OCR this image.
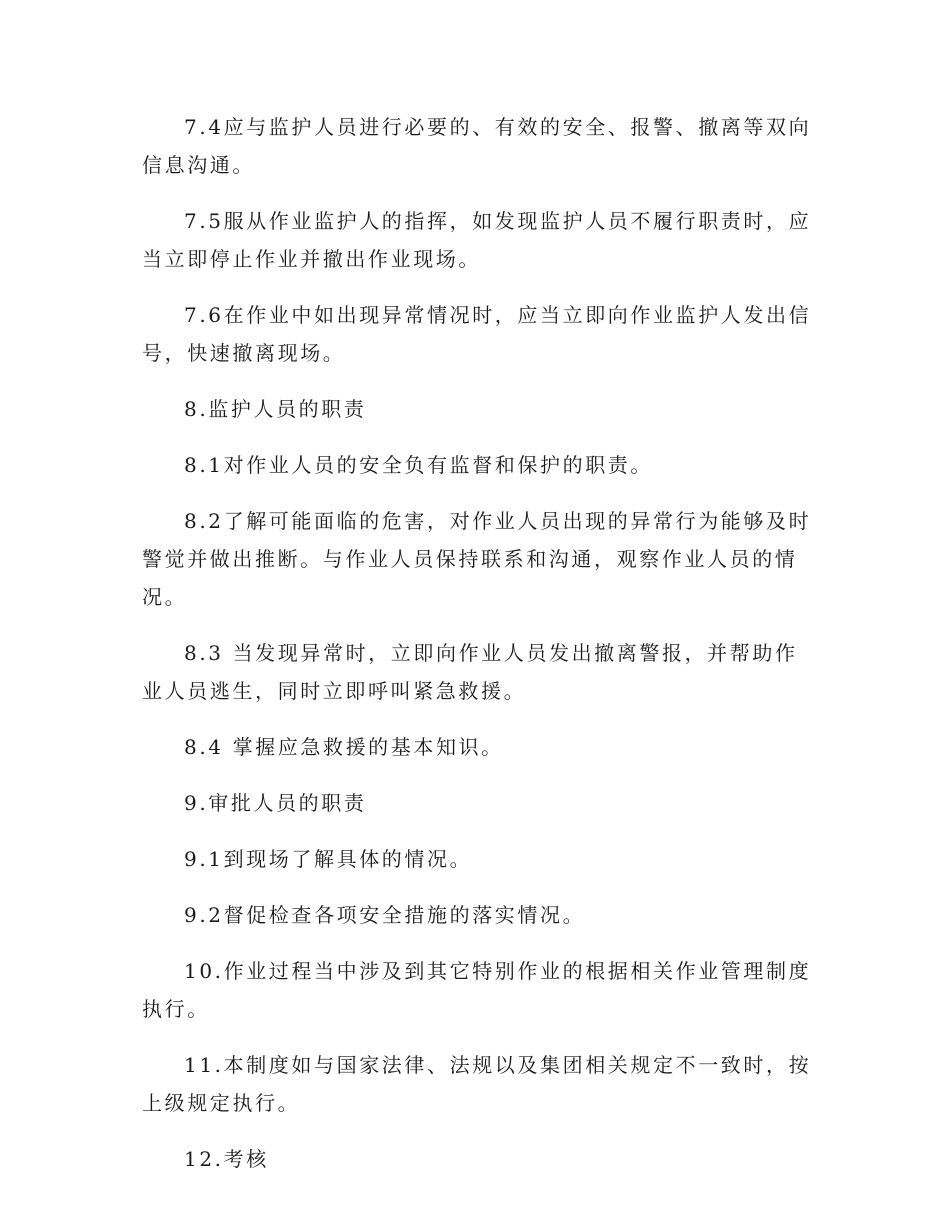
7.4应与监护人员进行必要的、有效的安全、报警、撤离等双向信息沟通。

7.5服从作业监护人的指挥，如发现监护人员不履行职责时，应当立即停止作业并撤出作业现场。

7.6在作业中如出现异常情况时，应当立即向作业监护人发出信号，快速撤离现场。

8.监护人员的职责

8.1对作业人员的安全负有监督和保护的职责。

8.2了解可能面临的危害，对作业人员出现的异常行为能够及时警觉并做出推断。与作业人员保持联系和沟通，观察作业人员的情况。

8.3 当发现异常时，立即向作业人员发出撤离警报，并帮助作业人员逃生，同时立即呼叫紧急救援。

8.4 掌握应急救援的基本知识。

9.审批人员的职责

9.1到现场了解具体的情况。

9.2督促检查各项安全措施的落实情况。

10.作业过程当中涉及到其它特别作业的根据相关作业管理制度执行。

11.本制度如与国家法律、法规以及集团相关规定不一致时，按上级规定执行。

12.考核
